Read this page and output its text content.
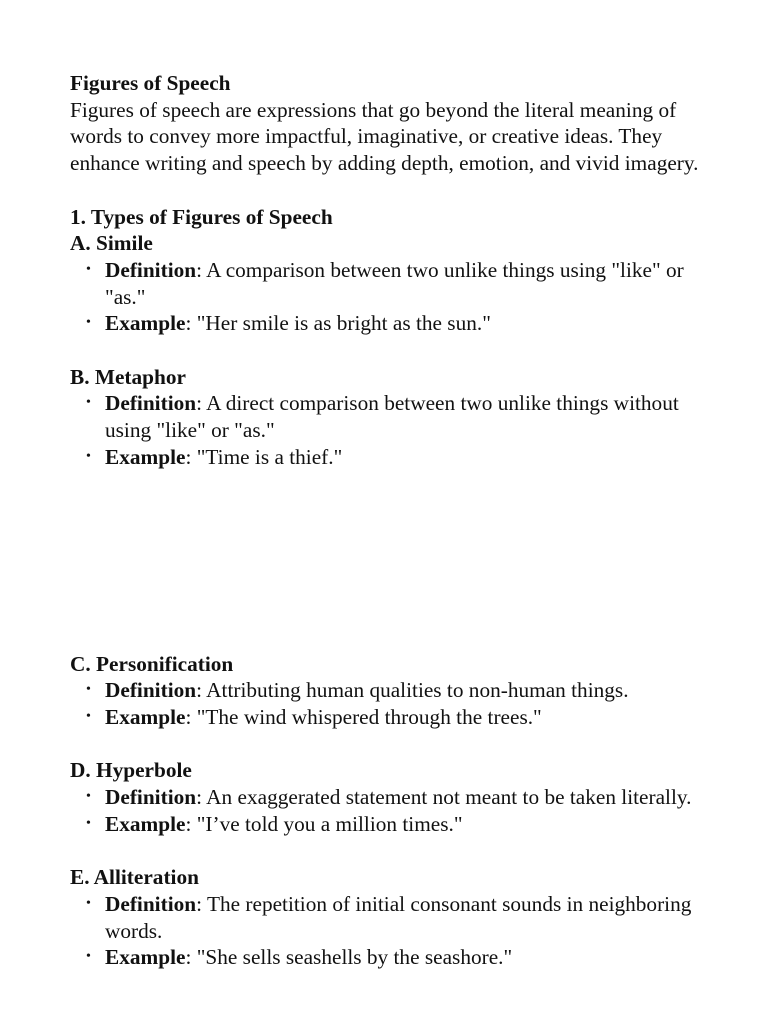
Figures of Speech

Figures of speech are expressions that go beyond the literal meaning of words to convey more impactful, imaginative, or creative ideas. They enhance writing and speech by adding depth, emotion, and vivid imagery.

1. Types of Figures of Speech
A. Simile
• Definition: A comparison between two unlike things using "like" or "as."
• Example: "Her smile is as bright as the sun."
B. Metaphor
• Definition: A direct comparison between two unlike things without using "like" or "as."
• Example: "Time is a thief."
C. Personification
• Definition: Attributing human qualities to non-human things.
• Example: "The wind whispered through the trees."
D. Hyperbole
• Definition: An exaggerated statement not meant to be taken literally.
• Example: "I’ve told you a million times."
E. Alliteration
• Definition: The repetition of initial consonant sounds in neighboring words.
• Example: "She sells seashells by the seashore."
